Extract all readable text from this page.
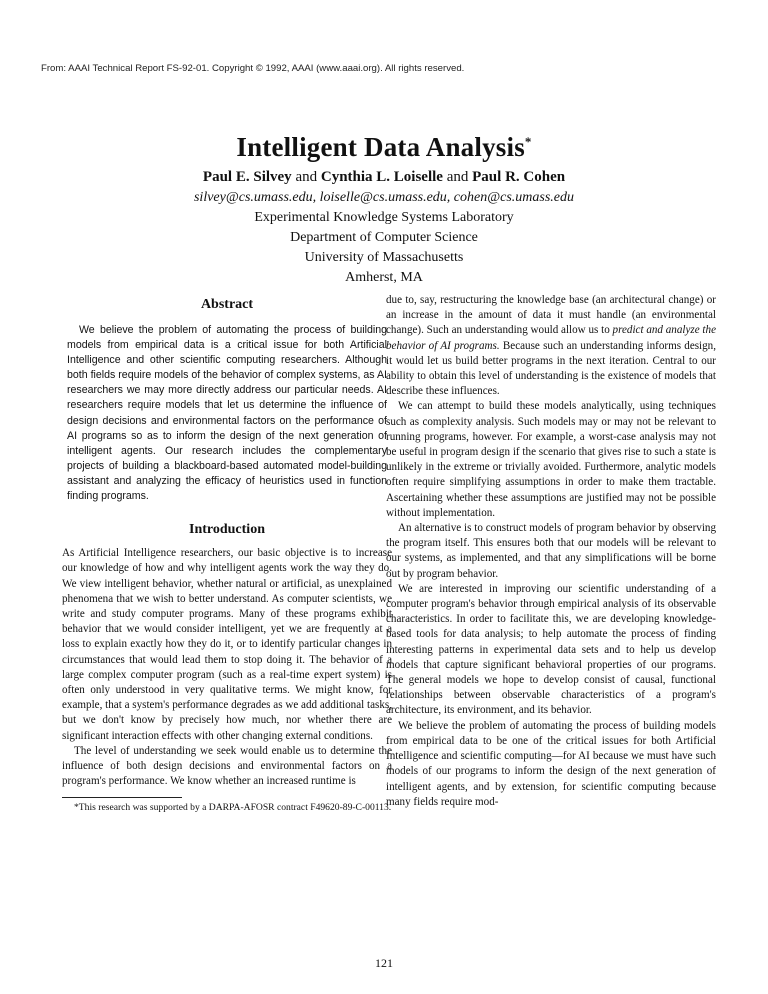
From: AAAI Technical Report FS-92-01. Copyright © 1992, AAAI (www.aaai.org). All rights reserved.
Intelligent Data Analysis*
Paul E. Silvey and Cynthia L. Loiselle and Paul R. Cohen
silvey@cs.umass.edu, loiselle@cs.umass.edu, cohen@cs.umass.edu
Experimental Knowledge Systems Laboratory
Department of Computer Science
University of Massachusetts
Amherst, MA
Abstract

We believe the problem of automating the process of building models from empirical data is a critical issue for both Artificial Intelligence and other scientific computing researchers. Although both fields require models of the behavior of complex systems, as AI researchers we may more directly address our particular needs. AI researchers require models that let us determine the influence of design decisions and environmental factors on the performance of AI programs so as to inform the design of the next generation of intelligent agents. Our research includes the complementary projects of building a blackboard-based automated model-building assistant and analyzing the efficacy of heuristics used in function finding programs.

Introduction

As Artificial Intelligence researchers, our basic objective is to increase our knowledge of how and why intelligent agents work the way they do. We view intelligent behavior, whether natural or artificial, as unexplained phenomena that we wish to better understand. As computer scientists, we write and study computer programs. Many of these programs exhibit behavior that we would consider intelligent, yet we are frequently at a loss to explain exactly how they do it, or to identify particular changes in circumstances that would lead them to stop doing it. The behavior of a large complex computer program (such as a real-time expert system) is often only understood in very qualitative terms. We might know, for example, that a system's performance degrades as we add additional tasks, but we don't know by precisely how much, nor whether there are significant interaction effects with other changing external conditions.

The level of understanding we seek would enable us to determine the influence of both design decisions and environmental factors on a program's performance. We know whether an increased runtime is

*This research was supported by a DARPA-AFOSR contract F49620-89-C-00113.

due to, say, restructuring the knowledge base (an architectural change) or an increase in the amount of data it must handle (an environmental change). Such an understanding would allow us to predict and analyze the behavior of AI programs. Because such an understanding informs design, it would let us build better programs in the next iteration. Central to our ability to obtain this level of understanding is the existence of models that describe these influences.

We can attempt to build these models analytically, using techniques such as complexity analysis. Such models may or may not be relevant to running programs, however. For example, a worst-case analysis may not be useful in program design if the scenario that gives rise to such a state is unlikely in the extreme or trivially avoided. Furthermore, analytic models often require simplifying assumptions in order to make them tractable. Ascertaining whether these assumptions are justified may not be possible without implementation.

An alternative is to construct models of program behavior by observing the program itself. This ensures both that our models will be relevant to our systems, as implemented, and that any simplifications will be borne out by program behavior.

We are interested in improving our scientific understanding of a computer program's behavior through empirical analysis of its observable characteristics. In order to facilitate this, we are developing knowledge-based tools for data analysis; to help automate the process of finding interesting patterns in experimental data sets and to help us develop models that capture significant behavioral properties of our programs. The general models we hope to develop consist of causal, functional relationships between observable characteristics of a program's architecture, its environment, and its behavior.

We believe the problem of automating the process of building models from empirical data to be one of the critical issues for both Artificial Intelligence and scientific computing—for AI because we must have such models of our programs to inform the design of the next generation of intelligent agents, and by extension, for scientific computing because many fields require mod-

121
